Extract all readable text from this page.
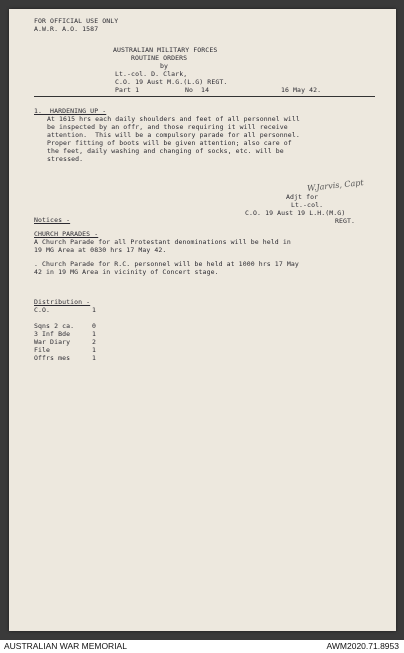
FOR OFFICIAL USE ONLY
A.W.R. A.O. 1587
AUSTRALIAN MILITARY FORCES
ROUTINE ORDERS
by
Lt.-col. D. Clark,
C.O. 19 Aust M.G.(L.G) REGT.
Part 1	No  14	16 May 42.
1.  HARDENING UP -
At 1615 hrs each daily shoulders and feet of all personnel will
be inspected by an offr, and those requiring it will receive
attention.  This will be a compulsory parade for all personnel.
Proper fitting of boots will be given attention; also care of
the feet, daily washing and changing of socks, etc. will be
stressed.
W.Jarvis, Capt
Adjt for
Lt.-col.
C.O. 19 Aust 19 L.H.(M.G)
REGT.
Notices -
CHURCH PARADES -
A Church Parade for all Protestant denominations will be held in
19 MG Area at 0830 hrs 17 May 42.
. Church Parade for R.C. personnel will be held at 1000 hrs 17 May
42 in 19 MG Area in vicinity of Concert stage.
Distribution -
C.O.	1
Sqns 2 ca.	0
3 Inf Bde	1
War Diary	2
File	1
Offrs mes	1
AUSTRALIAN WAR MEMORIAL	AWM2020.71.8953
